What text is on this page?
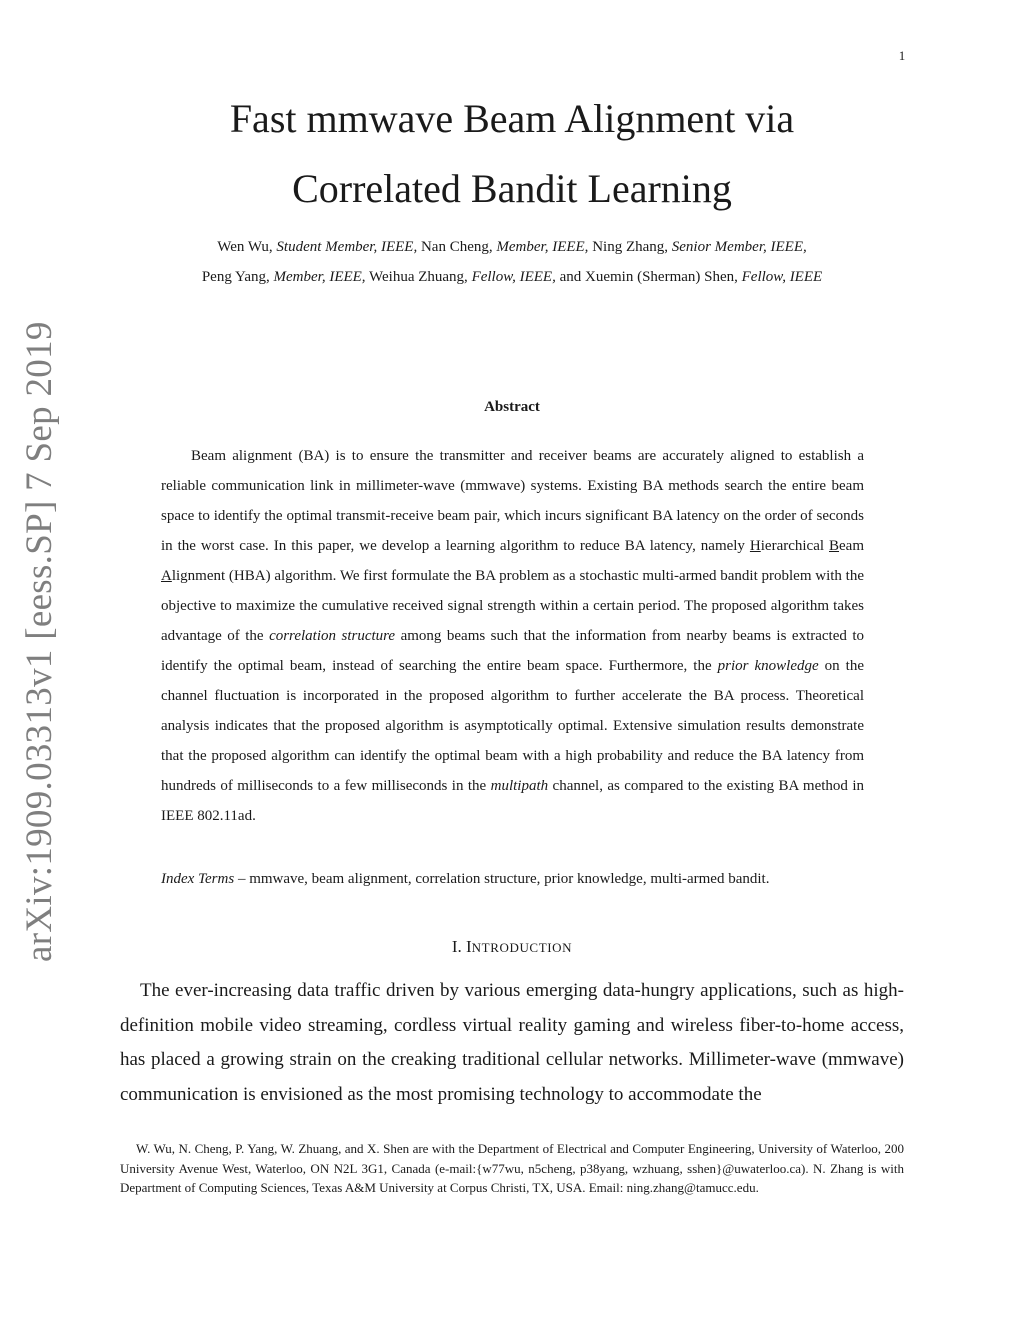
1
arXiv:1909.03313v1 [eess.SP] 7 Sep 2019
Fast mmwave Beam Alignment via
Correlated Bandit Learning
Wen Wu, Student Member, IEEE, Nan Cheng, Member, IEEE, Ning Zhang, Senior Member, IEEE,
Peng Yang, Member, IEEE, Weihua Zhuang, Fellow, IEEE, and Xuemin (Sherman) Shen, Fellow, IEEE
Abstract

Beam alignment (BA) is to ensure the transmitter and receiver beams are accurately aligned to establish a reliable communication link in millimeter-wave (mmwave) systems. Existing BA methods search the entire beam space to identify the optimal transmit-receive beam pair, which incurs significant BA latency on the order of seconds in the worst case. In this paper, we develop a learning algorithm to reduce BA latency, namely Hierarchical Beam Alignment (HBA) algorithm. We first formulate the BA problem as a stochastic multi-armed bandit problem with the objective to maximize the cumulative received signal strength within a certain period. The proposed algorithm takes advantage of the correlation structure among beams such that the information from nearby beams is extracted to identify the optimal beam, instead of searching the entire beam space. Furthermore, the prior knowledge on the channel fluctuation is incorporated in the proposed algorithm to further accelerate the BA process. Theoretical analysis indicates that the proposed algorithm is asymptotically optimal. Extensive simulation results demonstrate that the proposed algorithm can identify the optimal beam with a high probability and reduce the BA latency from hundreds of milliseconds to a few milliseconds in the multipath channel, as compared to the existing BA method in IEEE 802.11ad.

Index Terms – mmwave, beam alignment, correlation structure, prior knowledge, multi-armed bandit.
I. INTRODUCTION

The ever-increasing data traffic driven by various emerging data-hungry applications, such as high-definition mobile video streaming, cordless virtual reality gaming and wireless fiber-to-home access, has placed a growing strain on the creaking traditional cellular networks. Millimeter-wave (mmwave) communication is envisioned as the most promising technology to accommodate the

W. Wu, N. Cheng, P. Yang, W. Zhuang, and X. Shen are with the Department of Electrical and Computer Engineering, University of Waterloo, 200 University Avenue West, Waterloo, ON N2L 3G1, Canada (e-mail:{w77wu, n5cheng, p38yang, wzhuang, sshen}@uwaterloo.ca). N. Zhang is with Department of Computing Sciences, Texas A&M University at Corpus Christi, TX, USA. Email: ning.zhang@tamucc.edu.
